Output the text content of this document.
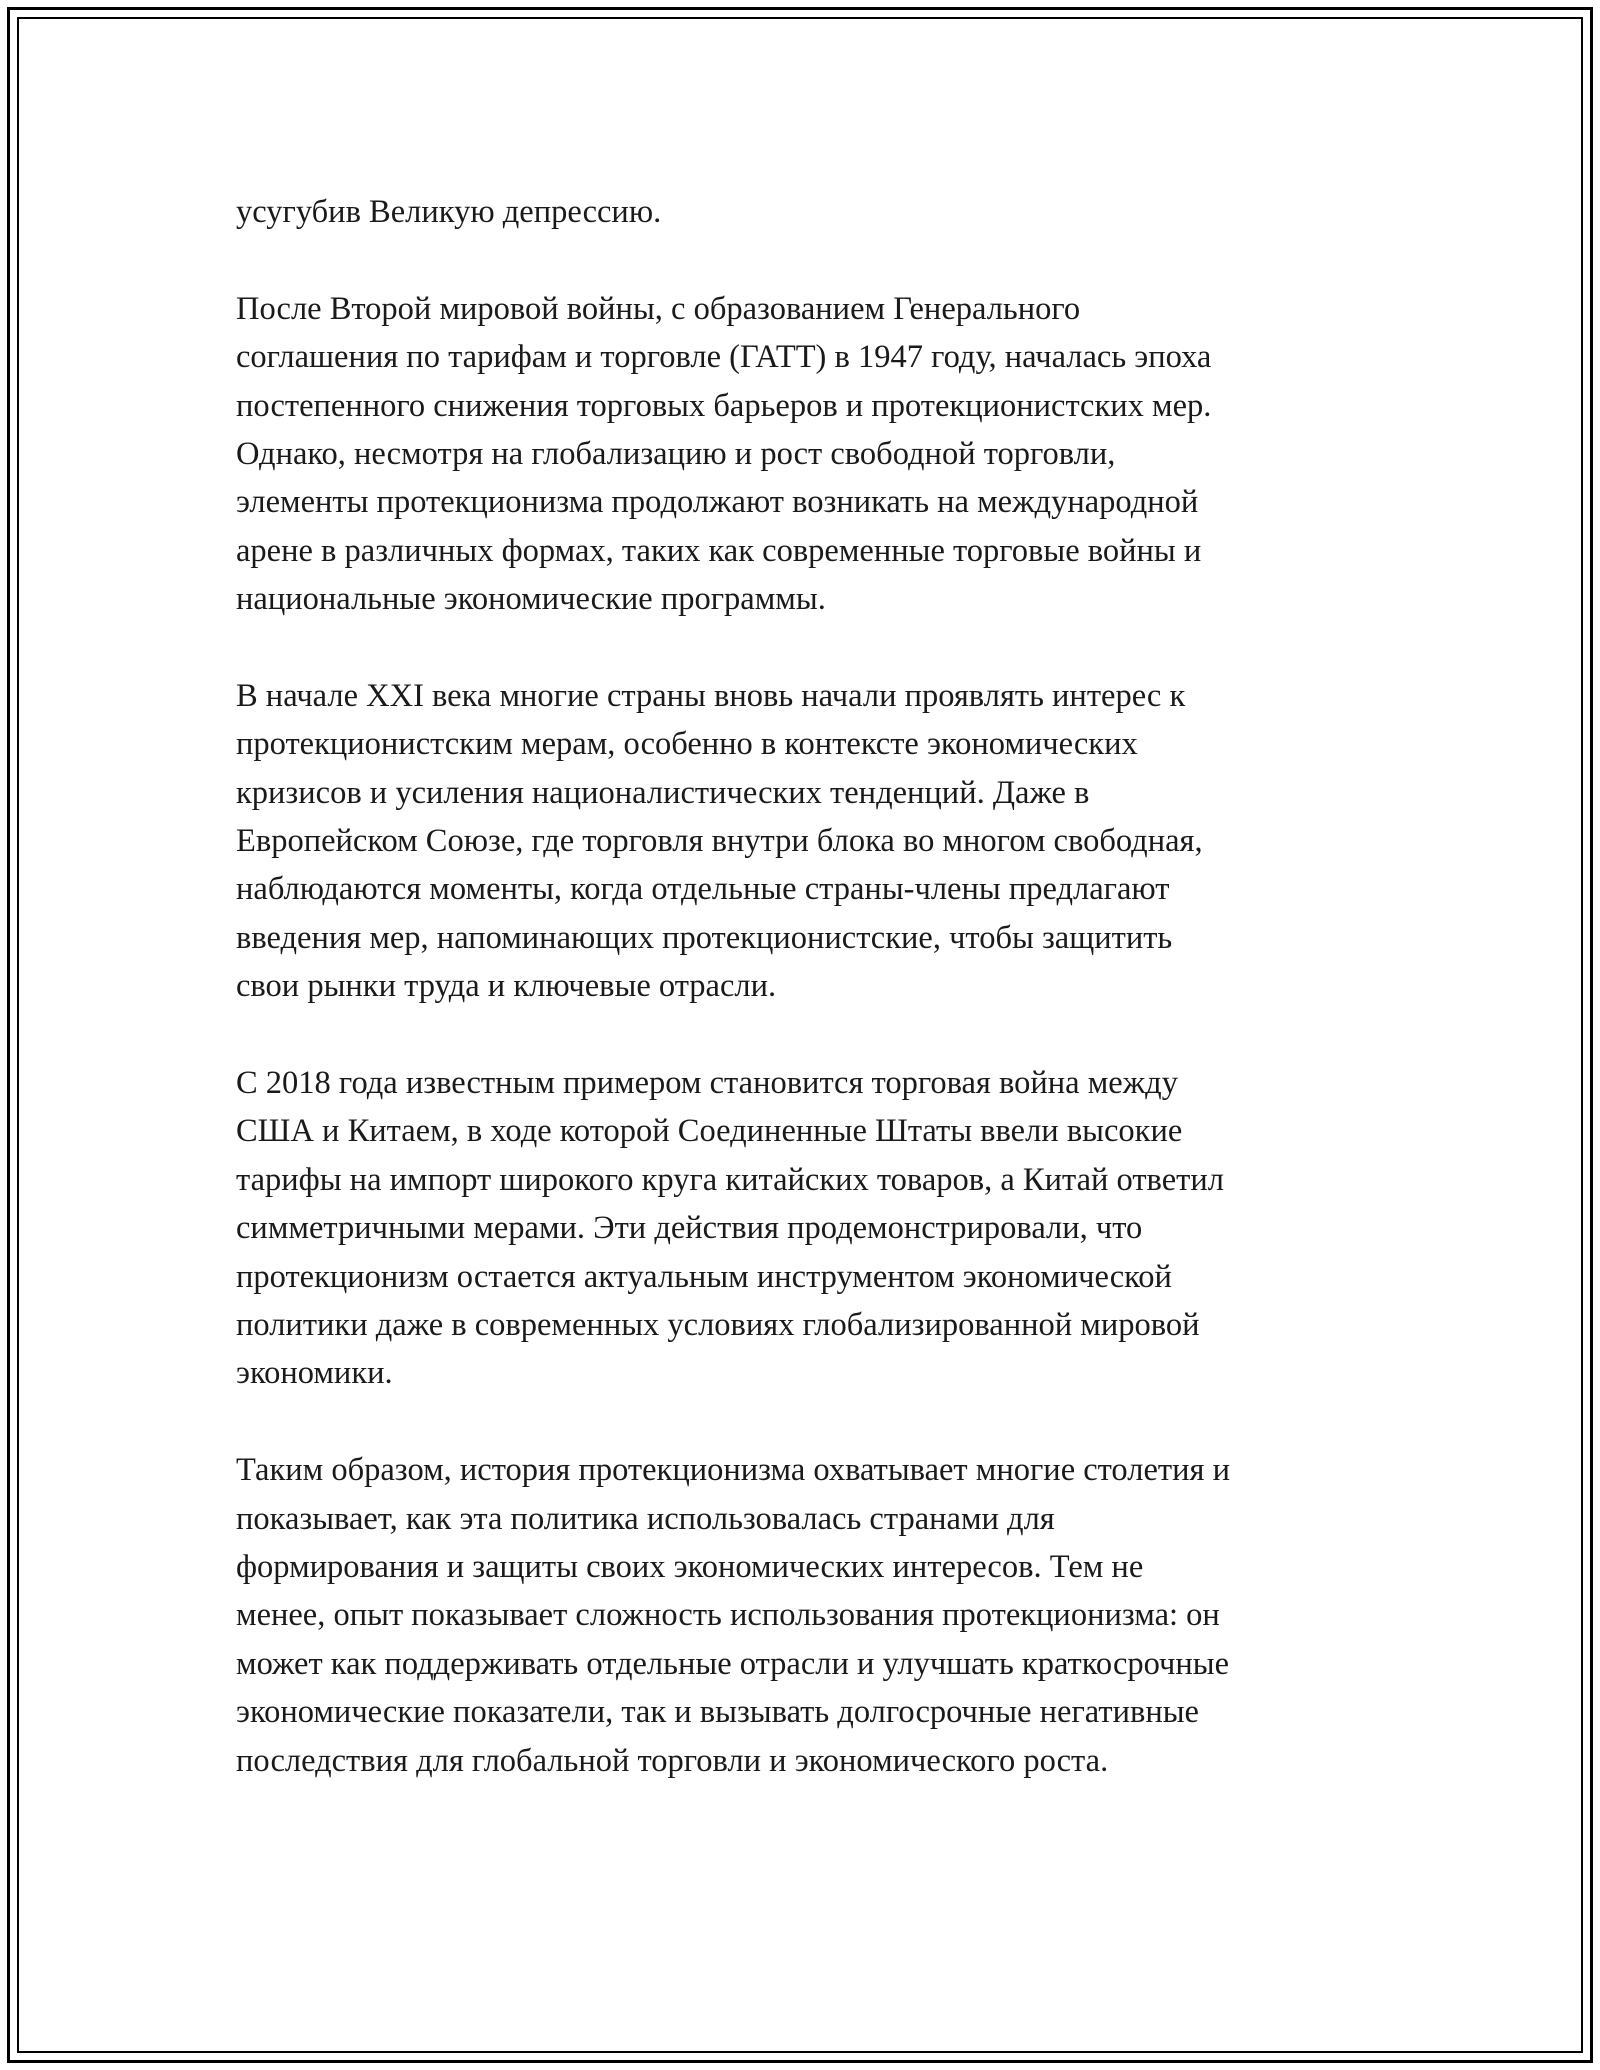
усугубив Великую депрессию.
После Второй мировой войны, с образованием Генерального
соглашения по тарифам и торговле (ГАТТ) в 1947 году, началась эпоха
постепенного снижения торговых барьеров и протекционистских мер.
Однако, несмотря на глобализацию и рост свободной торговли,
элементы протекционизма продолжают возникать на международной
арене в различных формах, таких как современные торговые войны и
национальные экономические программы.
В начале XXI века многие страны вновь начали проявлять интерес к
протекционистским мерам, особенно в контексте экономических
кризисов и усиления националистических тенденций. Даже в
Европейском Союзе, где торговля внутри блока во многом свободная,
наблюдаются моменты, когда отдельные страны-члены предлагают
введения мер, напоминающих протекционистские, чтобы защитить
свои рынки труда и ключевые отрасли.
С 2018 года известным примером становится торговая война между
США и Китаем, в ходе которой Соединенные Штаты ввели высокие
тарифы на импорт широкого круга китайских товаров, а Китай ответил
симметричными мерами. Эти действия продемонстрировали, что
протекционизм остается актуальным инструментом экономической
политики даже в современных условиях глобализированной мировой
экономики.
Таким образом, история протекционизма охватывает многие столетия и
показывает, как эта политика использовалась странами для
формирования и защиты своих экономических интересов. Тем не
менее, опыт показывает сложность использования протекционизма: он
может как поддерживать отдельные отрасли и улучшать краткосрочные
экономические показатели, так и вызывать долгосрочные негативные
последствия для глобальной торговли и экономического роста.
